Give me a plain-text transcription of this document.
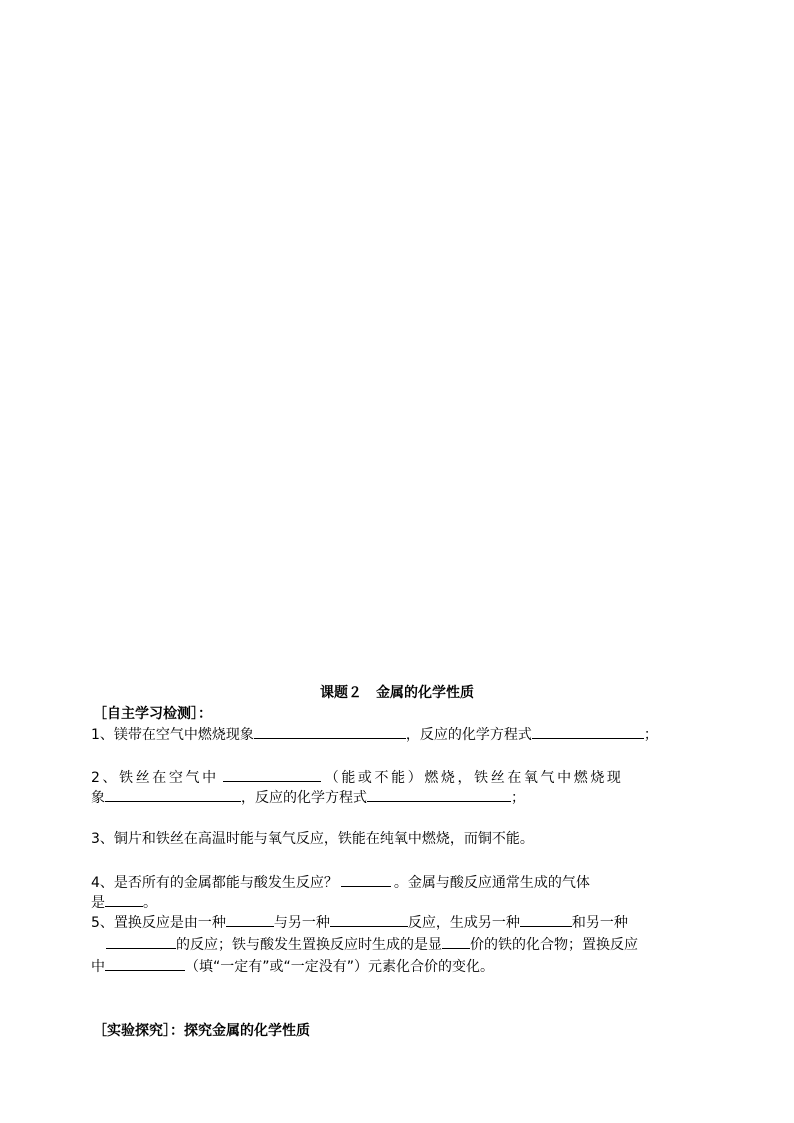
课题２　金属的化学性质
［自主学习检测］：
1、镁带在空气中燃烧现象	，反应的化学方程式	；
2、铁丝在空气中	（能或不能）燃烧，铁丝在氧气中燃烧现
象	，反应的化学方程式	；
3、铜片和铁丝在高温时能与氧气反应，铁能在纯氧中燃烧，而铜不能。
4、是否所有的金属都能与酸发生反应？	。金属与酸反应通常生成的气体
是	。
5、置换反应是由一种	与另一种	反应，生成另一种	和另一种
的反应；铁与酸发生置换反应时生成的是显 价的铁的化合物；置换反应
中	（填“一定有”或“一定没有”）元素化合价的变化。
［实验探究］：探究金属的化学性质
